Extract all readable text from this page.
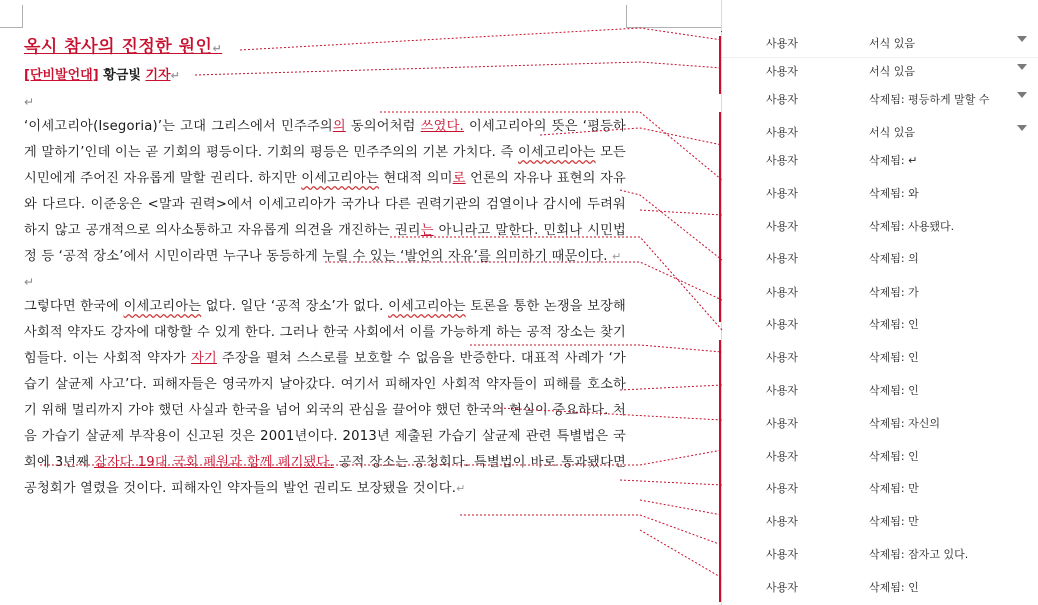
옥시 참사의 진정한 원인↵
[단비발언대] 황금빛 기자↵
↵

‘이세고리아(Isegoria)’는 고대 그리스에서 민주주의의 동의어처럼 쓰였다. 이세고리아의 뜻은 ‘평등하게 말하기’인데 이는 곧 기회의 평등이다. 기회의 평등은 민주주의의 기본 가치다. 즉 이세고리아는 모든 시민에게 주어진 자유롭게 말할 권리다. 하지만 이세고리아는 현대적 의미로 언론의 자유나 표현의 자유와 다르다. 이준웅은 <말과 권력>에서 이세고리아가 국가나 다른 권력기관의 검열이나 감시에 두려워하지 않고 공개적으로 의사소통하고 자유롭게 의견을 개진하는 권리는 아니라고 말한다. 민회나 시민법정 등 ‘공적 장소’에서 시민이라면 누구나 동등하게 누릴 수 있는 ‘발언의 자유’를 의미하기 때문이다. ↵

↵

그렇다면 한국에 이세고리아는 없다. 일단 ‘공적 장소’가 없다. 이세고리아는 토론을 통한 논쟁을 보장해 사회적 약자도 강자에 대항할 수 있게 한다. 그러나 한국 사회에서 이를 가능하게 하는 공적 장소는 찾기 힘들다. 이는 사회적 약자가 자기 주장을 펼쳐 스스로를 보호할 수 없음을 반증한다. 대표적 사례가 ‘가습기 살균제 사고’다. 피해자들은 영국까지 날아갔다. 여기서 피해자인 사회적 약자들이 피해를 호소하기 위해 멀리까지 가야 했던 사실과 한국을 넘어 외국의 관심을 끌어야 했던 한국의 현실이 중요하다. 처음 가습기 살균제 부작용이 신고된 것은 2001년이다. 2013년 제출된 가습기 살균제 관련 특별법은 국회에 3년째 잠자다 19대 국회 폐원과 함께 폐기됐다. 공적 장소는 공청회다. 특별법이 바로 통과됐다면 공청회가 열렸을 것이다. 피해자인 약자들의 발언 권리도 보장됐을 것이다.↵

사용자	서식 있음
사용자	서식 있음
사용자	삭제됨: 평등하게 말할 수
사용자	서식 있음
사용자	삭제됨: ↵
사용자	삭제됨: 와
사용자	삭제됨: 사용됐다.
사용자	삭제됨: 의
사용자	삭제됨: 가
사용자	삭제됨: 인
사용자	삭제됨: 인
사용자	삭제됨: 인
사용자	삭제됨: 자신의
사용자	삭제됨: 인
사용자	삭제됨: 만
사용자	삭제됨: 만
사용자	삭제됨: 잠자고 있다.
사용자	삭제됨: 인
